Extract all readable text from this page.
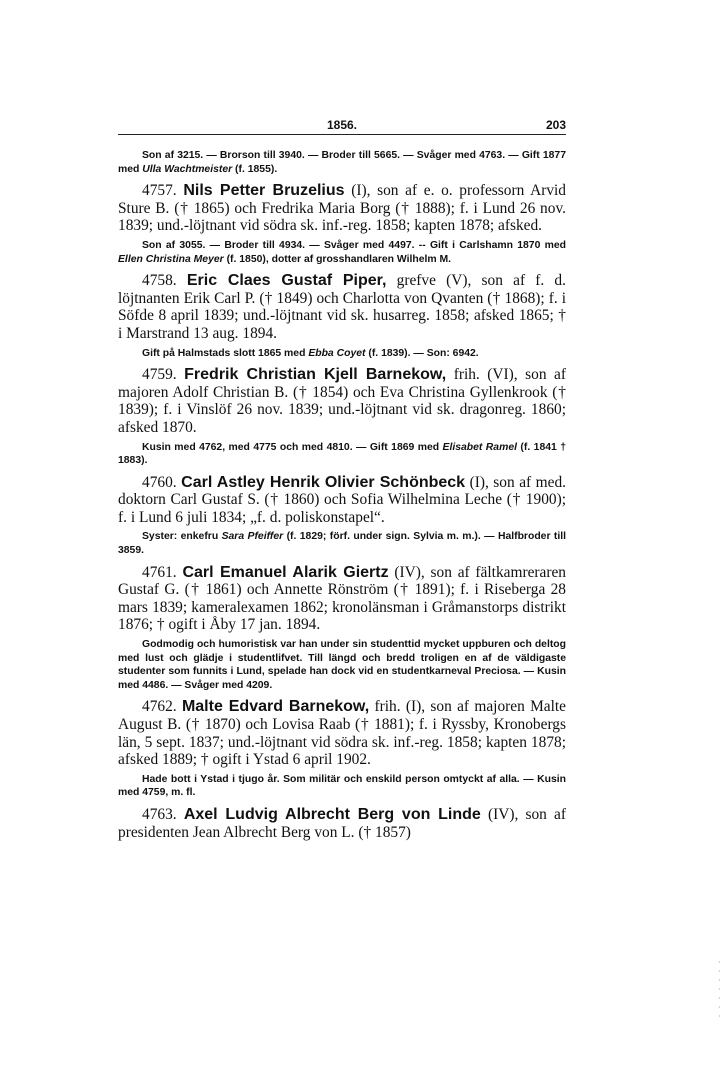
1856.	203

Son af 3215. — Brorson till 3940. — Broder till 5665. — Svåger med 4763. — Gift 1877 med Ulla Wachtmeister (f. 1855).

4757. Nils Petter Bruzelius (I), son af e. o. professorn Arvid Sture B. († 1865) och Fredrika Maria Borg († 1888); f. i Lund 26 nov. 1839; und.-löjtnant vid södra sk. inf.-reg. 1858; kapten 1878; afsked.

Son af 3055. — Broder till 4934. — Svåger med 4497. -- Gift i Carlshamn 1870 med Ellen Christina Meyer (f. 1850), dotter af grosshandlaren Wilhelm M.

4758. Eric Claes Gustaf Piper, grefve (V), son af f. d. löjtnanten Erik Carl P. († 1849) och Charlotta von Qvanten († 1868); f. i Söfde 8 april 1839; und.-löjtnant vid sk. husarreg. 1858; afsked 1865; † i Marstrand 13 aug. 1894.

Gift på Halmstads slott 1865 med Ebba Coyet (f. 1839). — Son: 6942.

4759. Fredrik Christian Kjell Barnekow, frih. (VI), son af majoren Adolf Christian B. († 1854) och Eva Christina Gyllenkrook († 1839); f. i Vinslöf 26 nov. 1839; und.-löjtnant vid sk. dragonreg. 1860; afsked 1870.

Kusin med 4762, med 4775 och med 4810. — Gift 1869 med Elisabet Ramel (f. 1841 † 1883).

4760. Carl Astley Henrik Olivier Schönbeck (I), son af med. doktorn Carl Gustaf S. († 1860) och Sofia Wilhelmina Leche († 1900); f. i Lund 6 juli 1834; „f. d. poliskonstapel“.

Syster: enkefru Sara Pfeiffer (f. 1829; förf. under sign. Sylvia m. m.). — Halfbroder till 3859.

4761. Carl Emanuel Alarik Giertz (IV), son af fältkamreraren Gustaf G. († 1861) och Annette Rönström († 1891); f. i Riseberga 28 mars 1839; kameralexamen 1862; kronolänsman i Gråmanstorps distrikt 1876; † ogift i Åby 17 jan. 1894.

Godmodig och humoristisk var han under sin studenttid mycket uppburen och deltog med lust och glädje i studentlifvet. Till längd och bredd troligen en af de väldigaste studenter som funnits i Lund, spelade han dock vid en studentkarneval Preciosa. — Kusin med 4486. — Svåger med 4209.

4762. Malte Edvard Barnekow, frih. (I), son af majoren Malte August B. († 1870) och Lovisa Raab († 1881); f. i Ryssby, Kronobergs län, 5 sept. 1837; und.-löjtnant vid södra sk. inf.-reg. 1858; kapten 1878; afsked 1889; † ogift i Ystad 6 april 1902.

Hade bott i Ystad i tjugo år. Som militär och enskild person omtyckt af alla. — Kusin med 4759, m. fl.

4763. Axel Ludvig Albrecht Berg von Linde (IV), son af presidenten Jean Albrecht Berg von L. († 1857)

·
·
·
·
·
·
·
